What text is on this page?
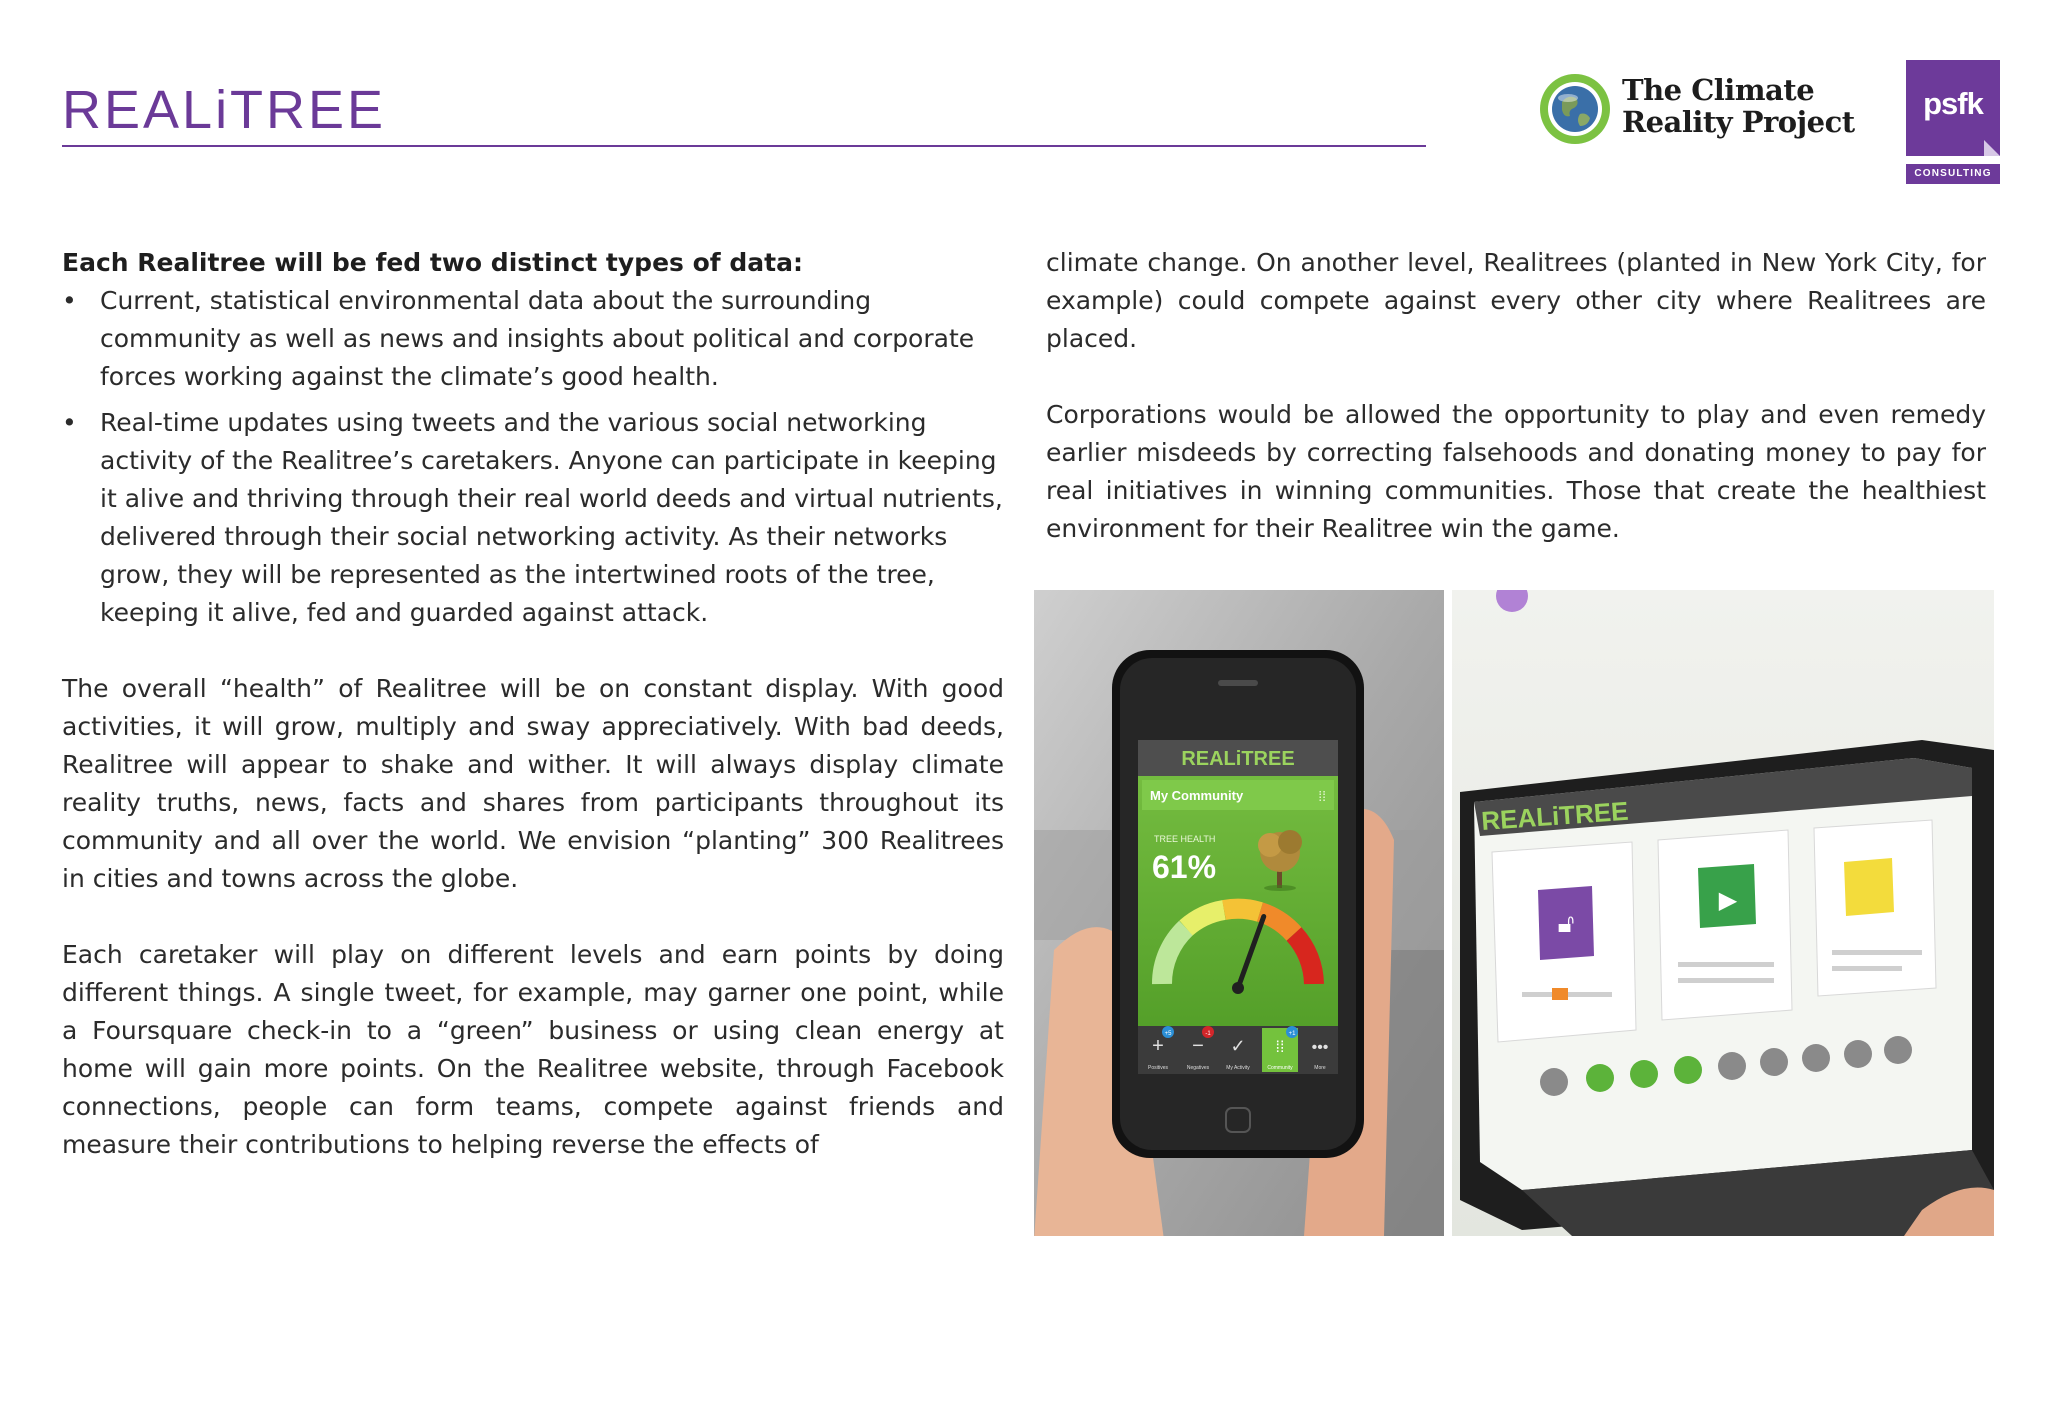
REALiTREE	The Climate
Reality Project
psfk
CONSULTING

Each Realitree will be fed two distinct types of data:

• Current, statistical environmental data about the surrounding community as well as news and insights about political and corporate forces working against the climate’s good health.
• Real-time updates using tweets and the various social networking activity of the Realitree’s caretakers. Anyone can participate in keeping it alive and thriving through their real world deeds and virtual nutrients, delivered through their social networking activity. As their networks grow, they will be represented as the intertwined roots of the tree, keeping it alive, fed and guarded against attack.

The overall “health” of Realitree will be on constant display. With good activities, it will grow, multiply and sway appreciatively. With bad deeds, Realitree will appear to shake and wither. It will always display climate reality truths, news, facts and shares from participants throughout its community and all over the world. We envision “planting” 300 Realitrees in cities and towns across the globe.

Each caretaker will play on different levels and earn points by doing different things. A single tweet, for example, may garner one point, while a Foursquare check-in to a “green” business or using clean energy at home will gain more points. On the Realitree website, through Facebook connections, people can form teams, compete against friends and measure their contributions to helping reverse the effects of

climate change. On another level, Realitrees (planted in New York City, for example) could compete against every other city where Realitrees are placed.

Corporations would be allowed the opportunity to play and even remedy earlier misdeeds by correcting falsehoods and donating money to pay for real initiatives in winning communities. Those that create the healthiest environment for their Realitree win the game.

REALiTREE
My Community	⁞⁞
TREE HEALTH
61%
+
Positives
+5
−
Negatives
-1
✓
My Activity
⁞⁞
Community
+1
•••
More
REALiTREE
🔓︎
▶
